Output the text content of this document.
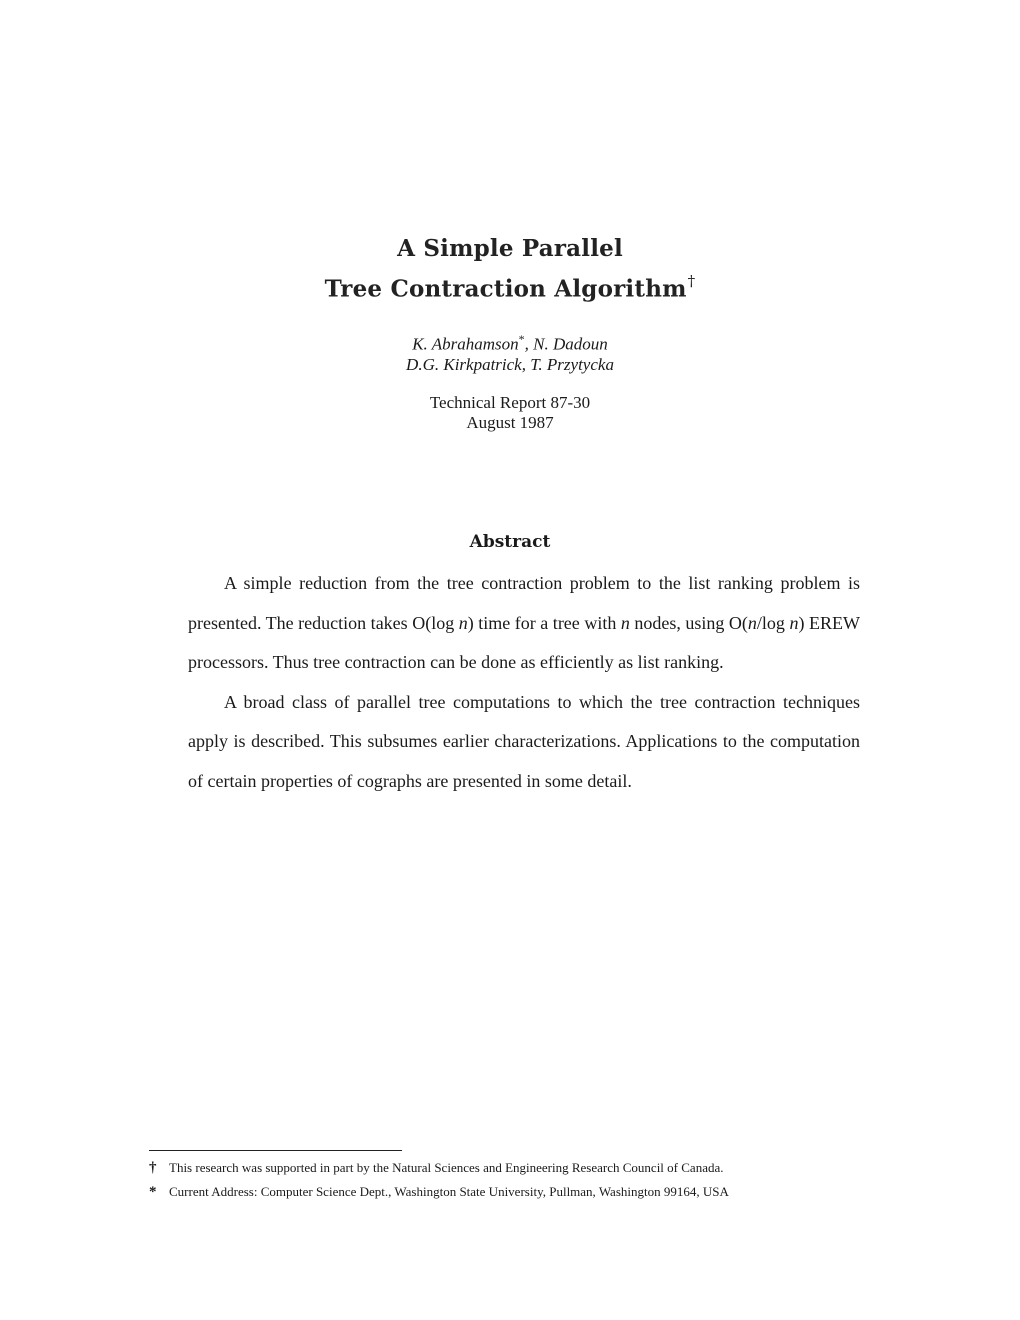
A Simple Parallel
Tree Contraction Algorithm†
K. Abrahamson*, N. Dadoun
D.G. Kirkpatrick, T. Przytycka
Technical Report 87-30
August 1987
Abstract

A simple reduction from the tree contraction problem to the list ranking problem is presented. The reduction takes O(log n) time for a tree with n nodes, using O(n/log n) EREW processors. Thus tree contraction can be done as efficiently as list ranking.

A broad class of parallel tree computations to which the tree contraction techniques apply is described. This subsumes earlier characterizations. Applications to the computation of certain properties of cographs are presented in some detail.

† This research was supported in part by the Natural Sciences and Engineering Research Council of Canada.
* Current Address: Computer Science Dept., Washington State University, Pullman, Washington 99164, USA
